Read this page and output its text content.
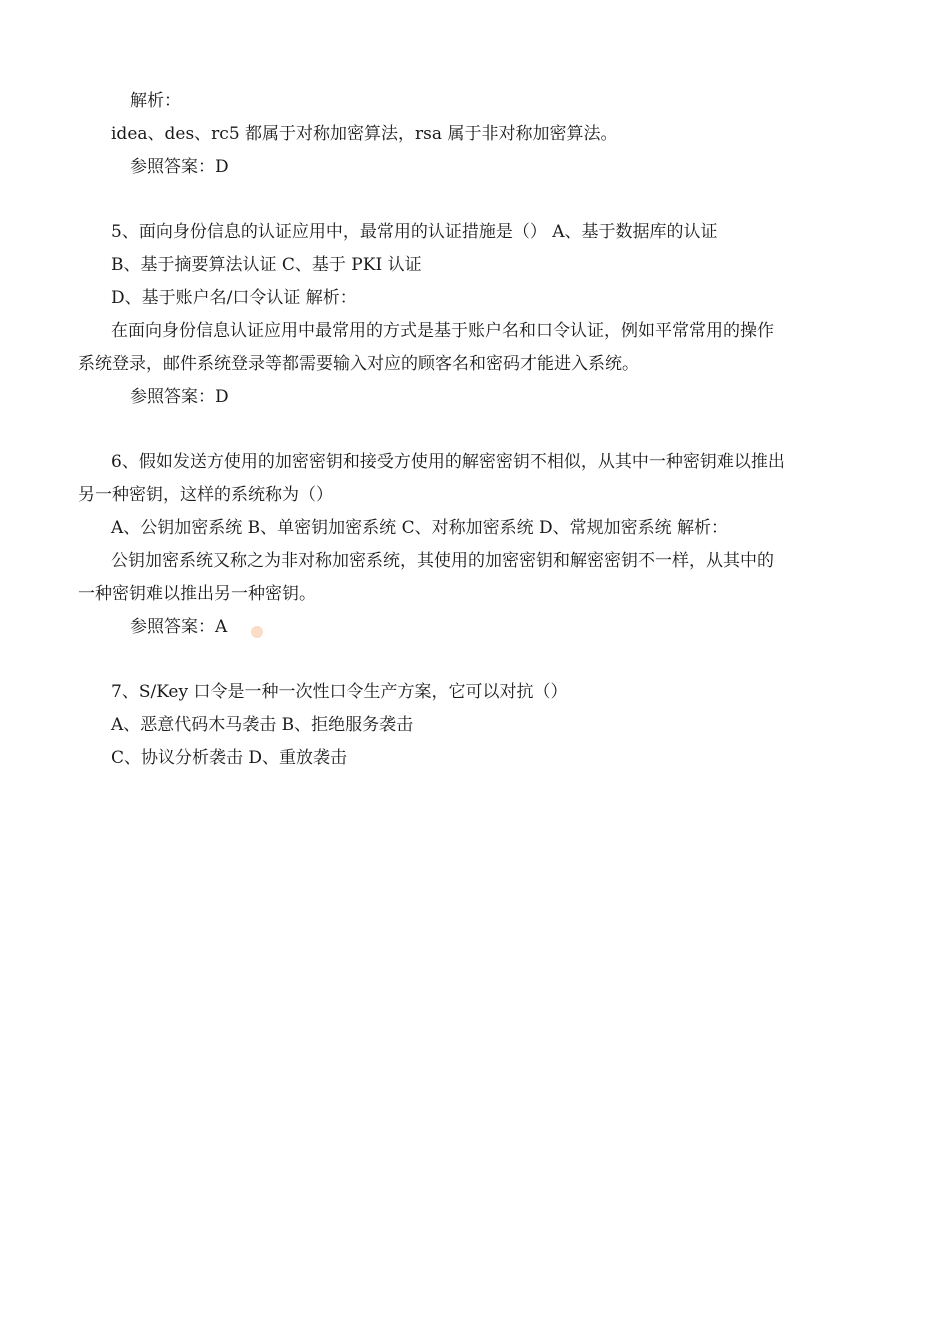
解析：
idea、des、rc5 都属于对称加密算法，rsa 属于非对称加密算法。
参照答案：D
5、面向身份信息的认证应用中，最常用的认证措施是（） A、基于数据库的认证
B、基于摘要算法认证 C、基于 PKI 认证
D、基于账户名/口令认证 解析：
在面向身份信息认证应用中最常用的方式是基于账户名和口令认证，例如平常常用的操作
系统登录，邮件系统登录等都需要输入对应的顾客名和密码才能进入系统。
参照答案：D
6、假如发送方使用的加密密钥和接受方使用的解密密钥不相似，从其中一种密钥难以推出
另一种密钥，这样的系统称为（）
A、公钥加密系统 B、单密钥加密系统 C、对称加密系统 D、常规加密系统 解析：
公钥加密系统又称之为非对称加密系统，其使用的加密密钥和解密密钥不一样，从其中的
一种密钥难以推出另一种密钥。
参照答案：A
7、S/Key 口令是一种一次性口令生产方案，它可以对抗（）
A、恶意代码木马袭击 B、拒绝服务袭击
C、协议分析袭击 D、重放袭击
